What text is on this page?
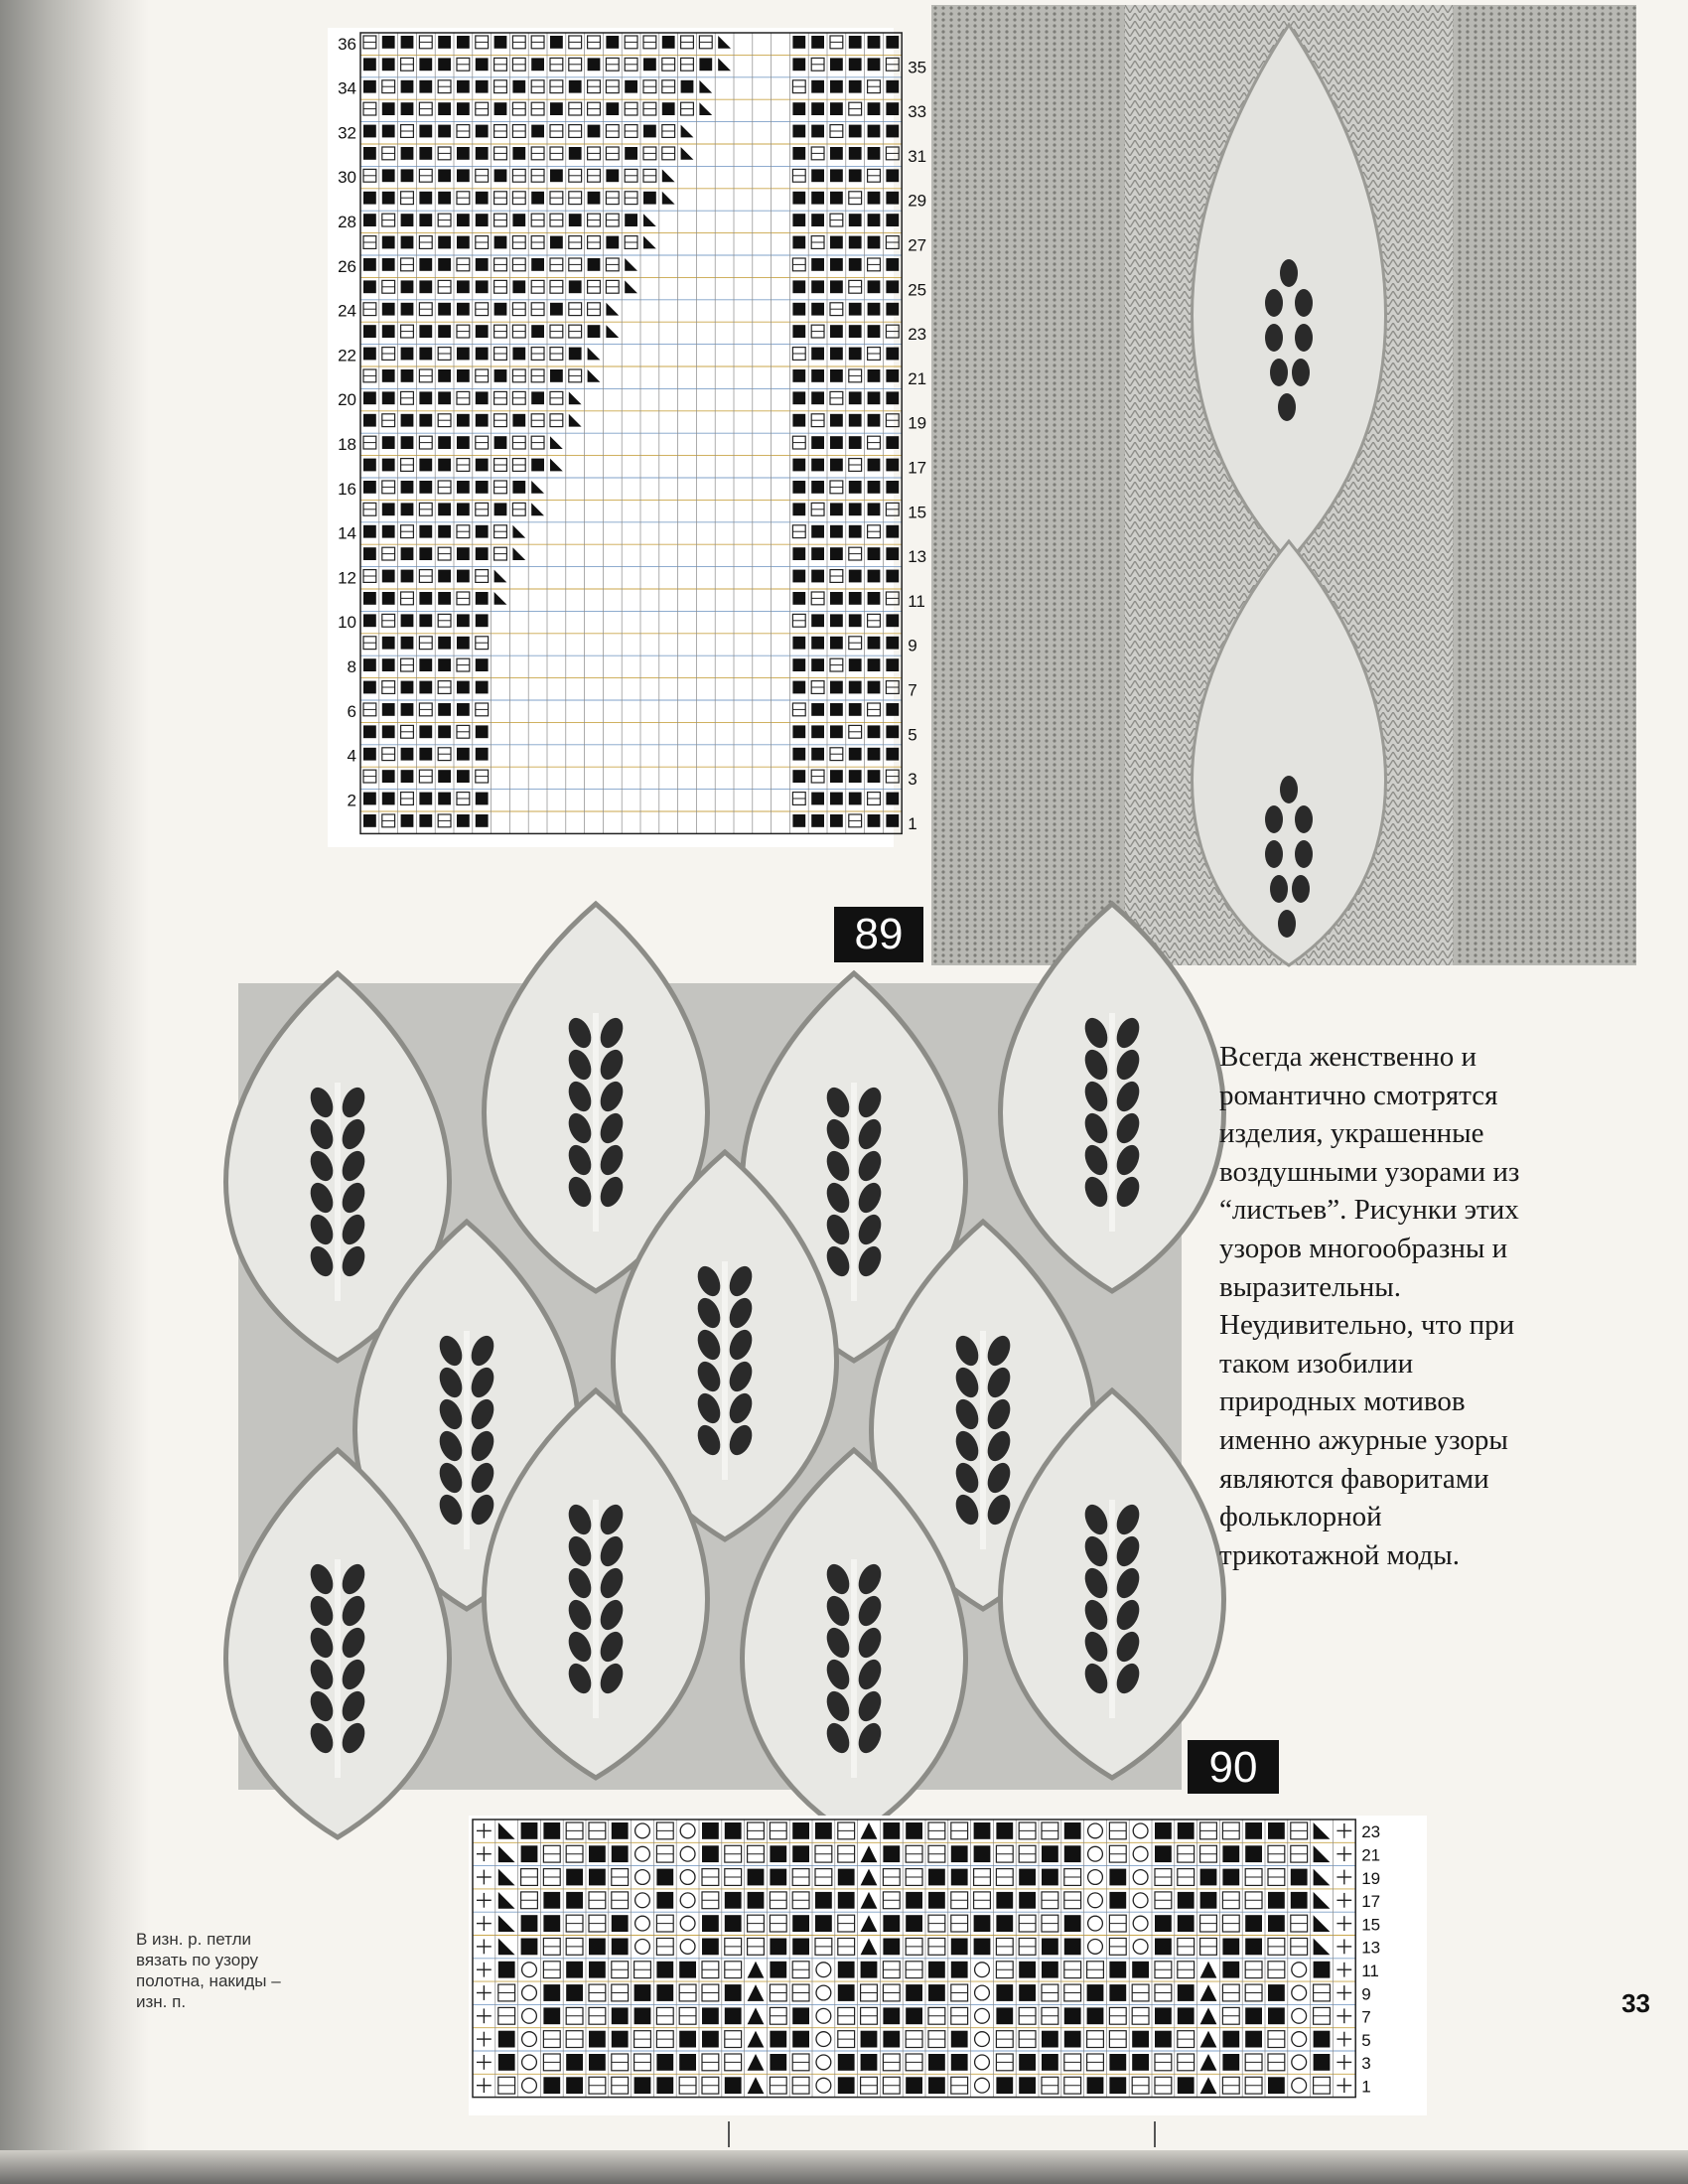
36
34
32
30
28
26
24
22
20
18
16
14
12
10
8
6
4
2
35
33
31
29
27
25
23
21
19
17
15
13
11
9
7
5
3
1
89
90
Всегда женственно и
романтично смотрятся
изделия, украшенные
воздушными узорами из
“листьев”. Рисунки этих
узоров многообразны и
выразительны.
Неудивительно, что при
таком изобилии
природных мотивов
именно ажурные узоры
являются фаворитами
фольклорной
трикотажной моды.
23
21
19
17
15
13
11
9
7
5
3
1
В изн. р. петли
вязать по узору
полотна, накиды –
изн. п.	33
